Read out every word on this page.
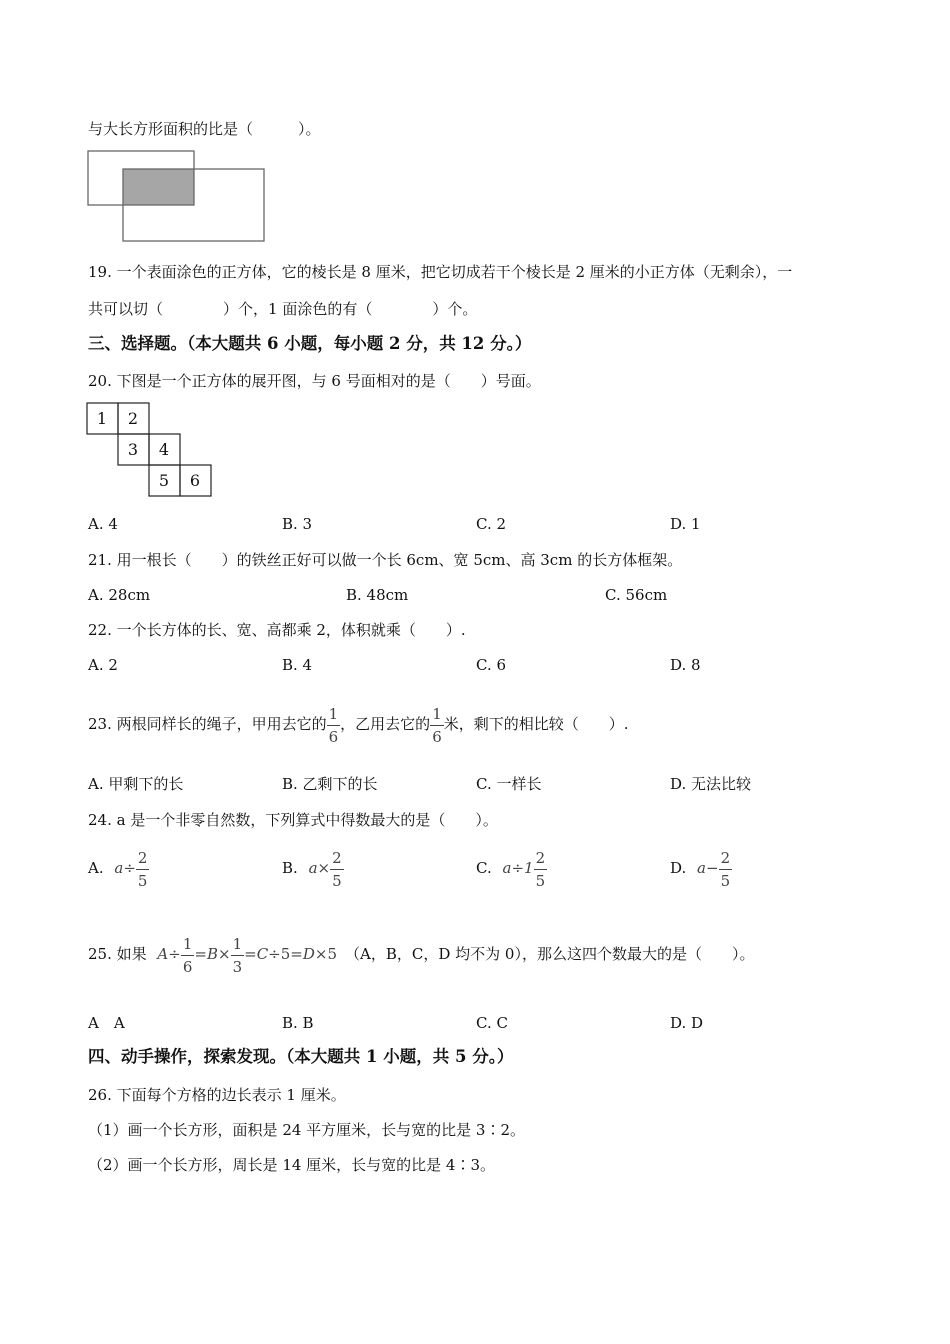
与大长方形面积的比是（　　　）。
19. 一个表面涂色的正方体，它的棱长是 8 厘米，把它切成若干个棱长是 2 厘米的小正方体（无剩余），一
共可以切（　　　　）个，1 面涂色的有（　　　　）个。
三、选择题。（本大题共 6 小题，每小题 2 分，共 12 分。）
20. 下图是一个正方体的展开图，与 6 号面相对的是（　　）号面。
1 2
3 4
5 6
A. 4	B. 3	C. 2	D. 1
21. 用一根长（　　）的铁丝正好可以做一个长 6cm、宽 5cm、高 3cm 的长方体框架。
A. 28cm	B. 48cm	C. 56cm
22. 一个长方体的长、宽、高都乘 2，体积就乘（　　）.
A. 2	B. 4	C. 6	D. 8
23. 两根同样长的绳子，甲用去它的 $\frac{1}{6}$ ，乙用去它的 $\frac{1}{6}$ 米，剩下的相比较（　　）.
A. 甲剩下的长	B. 乙剩下的长	C. 一样长	D. 无法比较
24. a 是一个非零自然数，下列算式中得数最大的是（　　）。
A. $a\div \frac{2}{5}$	B. $a\times \frac{2}{5}$	C. $a\div 1 \frac{2}{5}$	D. $a- \frac{2}{5}$
25. 如果 $A\div \frac{1}{6} =B\times \frac{1}{3} =C\div 5=D\times 5$ （A，B，C，D 均不为 0），那么这四个数最大的是（　　）。
A　A	B. B	C. C	D. D
四、动手操作，探索发现。（本大题共 1 小题，共 5 分。）
26. 下面每个方格的边长表示 1 厘米。
（1）画一个长方形，面积是 24 平方厘米，长与宽的比是 3∶2。
（2）画一个长方形，周长是 14 厘米，长与宽的比是 4∶3。
